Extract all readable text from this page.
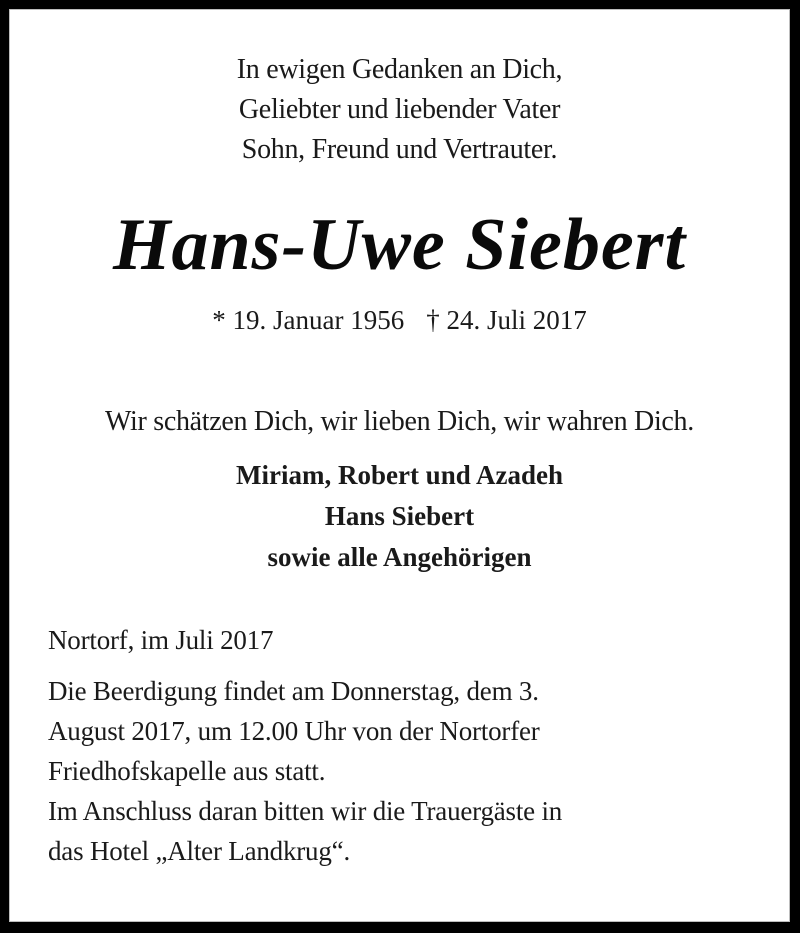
In ewigen Gedanken an Dich,
Geliebter und liebender Vater
Sohn, Freund und Vertrauter.
Hans-Uwe Siebert
* 19. Januar 1956 † 24. Juli 2017
Wir schätzen Dich, wir lieben Dich, wir wahren Dich.
Miriam, Robert und Azadeh
Hans Siebert
sowie alle Angehörigen
Nortorf, im Juli 2017
Die Beerdigung findet am Donnerstag, dem 3.
August 2017, um 12.00 Uhr von der Nortorfer
Friedhofskapelle aus statt.
Im Anschluss daran bitten wir die Trauergäste in
das Hotel „Alter Landkrug“.
